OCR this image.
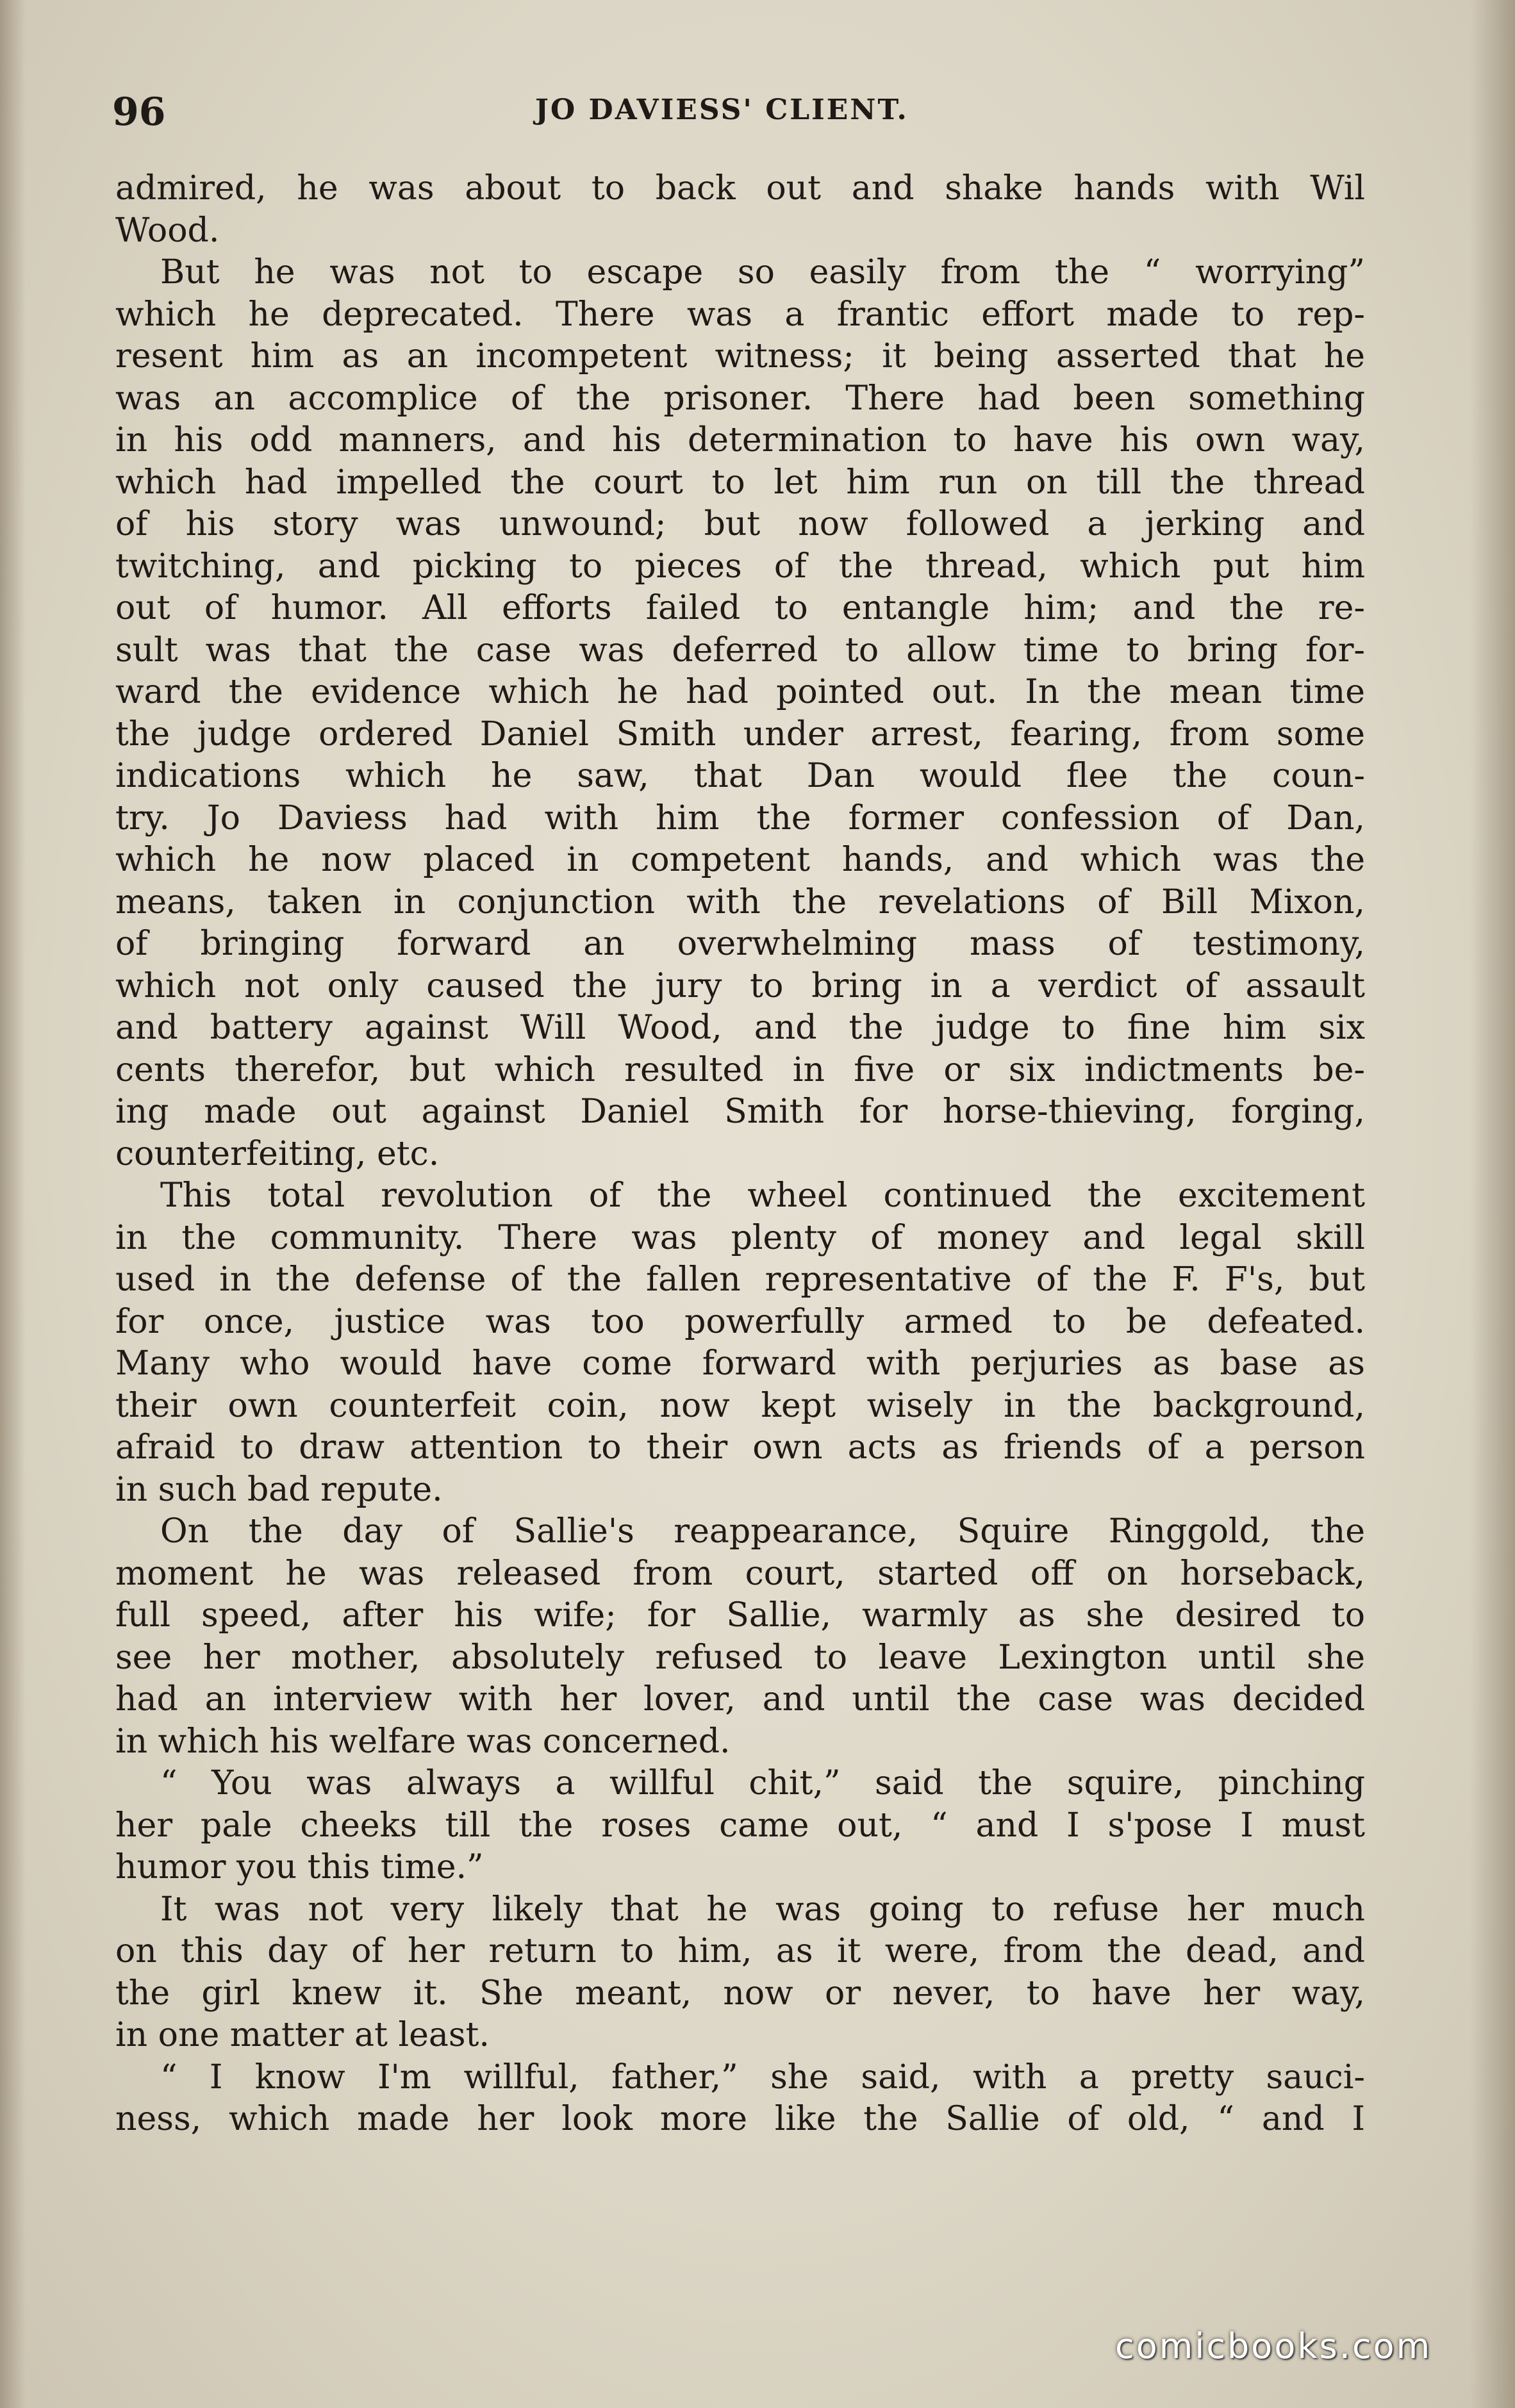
96	JO DAVIESS' CLIENT.
admired, he was about to back out and shake hands with Wil
Wood.
But he was not to escape so easily from the “ worrying”
which he deprecated. There was a frantic effort made to rep-
resent him as an incompetent witness; it being asserted that he
was an accomplice of the prisoner. There had been something
in his odd manners, and his determination to have his own way,
which had impelled the court to let him run on till the thread
of his story was unwound; but now followed a jerking and
twitching, and picking to pieces of the thread, which put him
out of humor. All efforts failed to entangle him; and the re-
sult was that the case was deferred to allow time to bring for-
ward the evidence which he had pointed out. In the mean time
the judge ordered Daniel Smith under arrest, fearing, from some
indications which he saw, that Dan would flee the coun-
try. Jo Daviess had with him the former confession of Dan,
which he now placed in competent hands, and which was the
means, taken in conjunction with the revelations of Bill Mixon,
of bringing forward an overwhelming mass of testimony,
which not only caused the jury to bring in a verdict of assault
and battery against Will Wood, and the judge to fine him six
cents therefor, but which resulted in five or six indictments be-
ing made out against Daniel Smith for horse-thieving, forging,
counterfeiting, etc.
This total revolution of the wheel continued the excitement
in the community. There was plenty of money and legal skill
used in the defense of the fallen representative of the F. F's, but
for once, justice was too powerfully armed to be defeated.
Many who would have come forward with perjuries as base as
their own counterfeit coin, now kept wisely in the background,
afraid to draw attention to their own acts as friends of a person
in such bad repute.
On the day of Sallie's reappearance, Squire Ringgold, the
moment he was released from court, started off on horseback,
full speed, after his wife; for Sallie, warmly as she desired to
see her mother, absolutely refused to leave Lexington until she
had an interview with her lover, and until the case was decided
in which his welfare was concerned.
“ You was always a willful chit,” said the squire, pinching
her pale cheeks till the roses came out, “ and I s'pose I must
humor you this time.”
It was not very likely that he was going to refuse her much
on this day of her return to him, as it were, from the dead, and
the girl knew it. She meant, now or never, to have her way,
in one matter at least.
“ I know I'm willful, father,” she said, with a pretty sauci-
ness, which made her look more like the Sallie of old, “ and I
comicbooks.com
